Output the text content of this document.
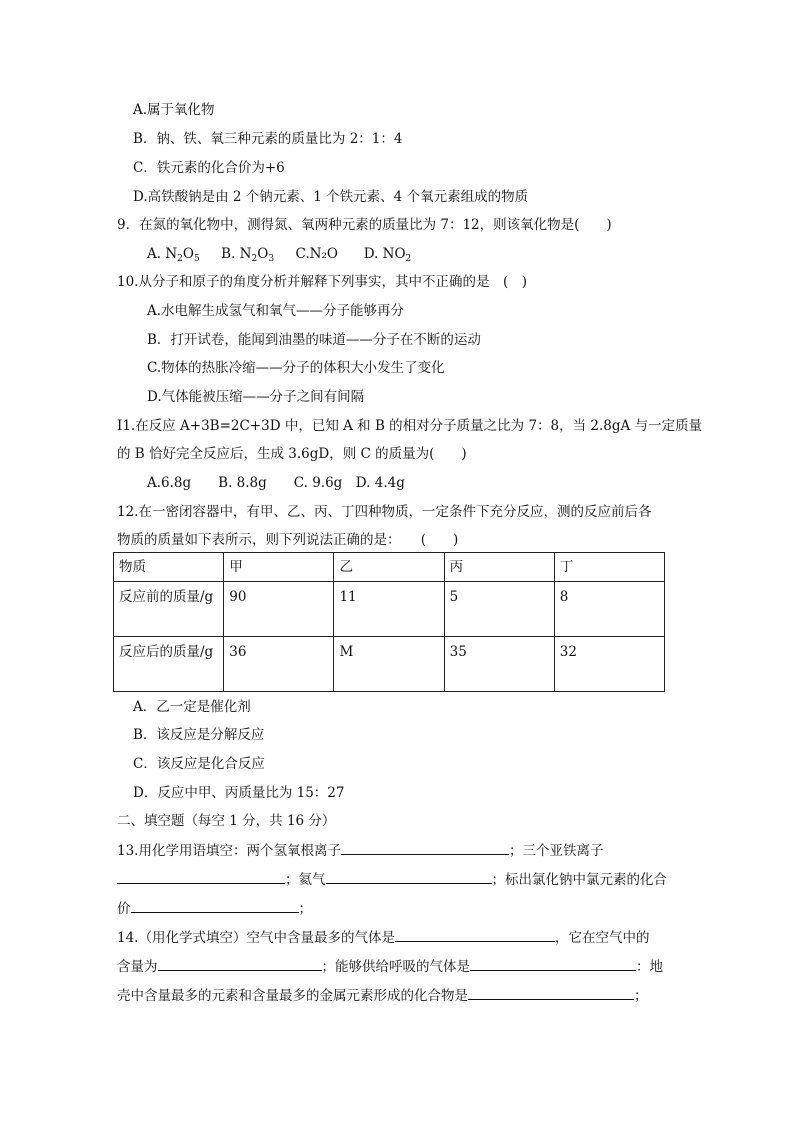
A.属于氧化物
B．钠、铁、氧三种元素的质量比为 2：1：4
C．铁元素的化合价为+6
D.高铁酸钠是由 2 个钠元素、1 个铁元素、4 个氧元素组成的物质
9．在氮的氧化物中，测得氮、氧两种元素的质量比为 7：12，则该氧化物是(　　)
A. $N_2O_5$ B. $N_2O_3$ C.N₂O D. $NO_2$
10.从分子和原子的角度分析并解释下列事实，其中不正确的是　(　)
A.水电解生成氢气和氧气——分子能够再分
B．打开试卷，能闻到油墨的味道——分子在不断的运动
C.物体的热胀冷缩——分子的体积大小发生了变化
D.气体能被压缩——分子之间有间隔
I1.在反应 A+3B=2C+3D 中，已知 A 和 B 的相对分子质量之比为 7：8，当 2.8gA 与一定质量
的 B 恰好完全反应后，生成 3.6gD，则 C 的质量为(　　)
A.6.8g　　B. 8.8g　　C. 9.6g　D. 4.4g
12.在一密闭容器中，有甲、乙、丙、丁四种物质，一定条件下充分反应，测的反应前后各
物质的质量如下表所示，则下列说法正确的是：　　(　　)
物质	甲	乙	丙	丁
反应前的质量/g	90	11	5	8
反应后的质量/g	36	M	35	32
A．乙一定是催化剂
B．该反应是分解反应
C．该反应是化合反应
D．反应中甲、丙质量比为 15：27
二、填空题（每空 1 分，共 16 分）
13.用化学用语填空：两个氢氧根离子	；三个亚铁离子
；氦气	；标出氯化钠中氯元素的化合
价	；
14.（用化学式填空）空气中含量最多的气体是	，它在空气中的
含量为	；能够供给呼吸的气体是	：地
壳中含量最多的元素和含量最多的金属元素形成的化合物是	；
